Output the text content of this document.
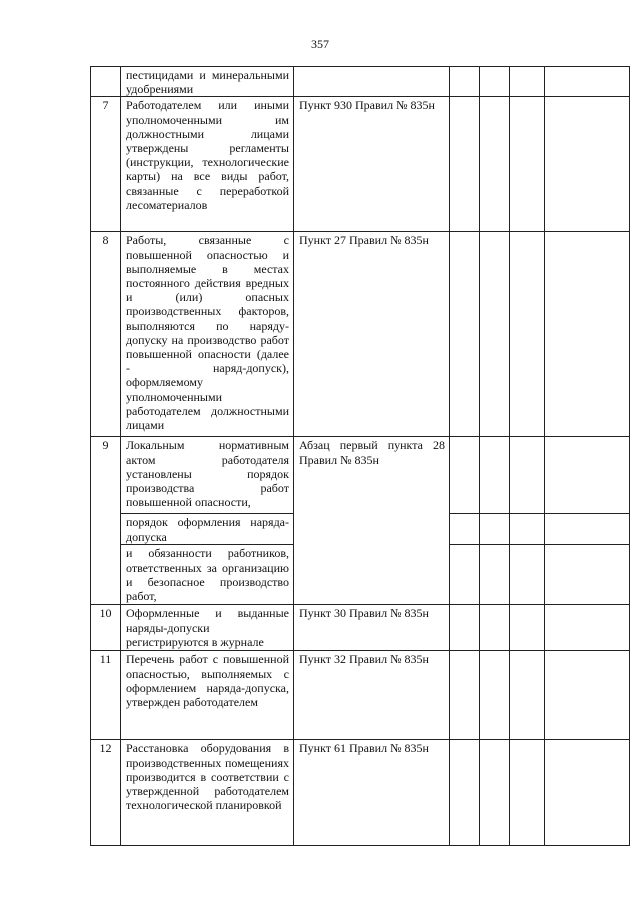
357

	пестицидами и минеральными удобрениями					

7	Работодателем или иными уполномоченными им должностными лицами утверждены регламенты (инструкции, технологические карты) на все виды работ, связанные с переработкой лесоматериалов	Пункт 930 Правил № 835н				
8	Работы, связанные с повышенной опасностью и выполняемые в местах постоянного действия вредных и (или) опасных производственных факторов, выполняются по наряду-допуску на производство работ повышенной опасности (далее - наряд-допуск), оформляемому уполномоченными работодателем должностными лицами	Пункт 27 Правил № 835н				
9	Локальным нормативным актом работодателя установлены порядок производства работ повышенной опасности,	Абзац первый пункта 28 Правил № 835н				

	порядок оформления наряда-допуска					

	и обязанности работников, ответственных за организацию и безопасное производство работ,					

10	Оформленные и выданные наряды-допуски регистрируются в журнале	Пункт 30 Правил № 835н				
11	Перечень работ с повышенной опасностью, выполняемых с оформлением наряда-допуска, утвержден работодателем	Пункт 32 Правил № 835н				
12	Расстановка оборудования в производственных помещениях производится в соответствии с утвержденной работодателем технологической планировкой	Пункт 61 Правил № 835н				
